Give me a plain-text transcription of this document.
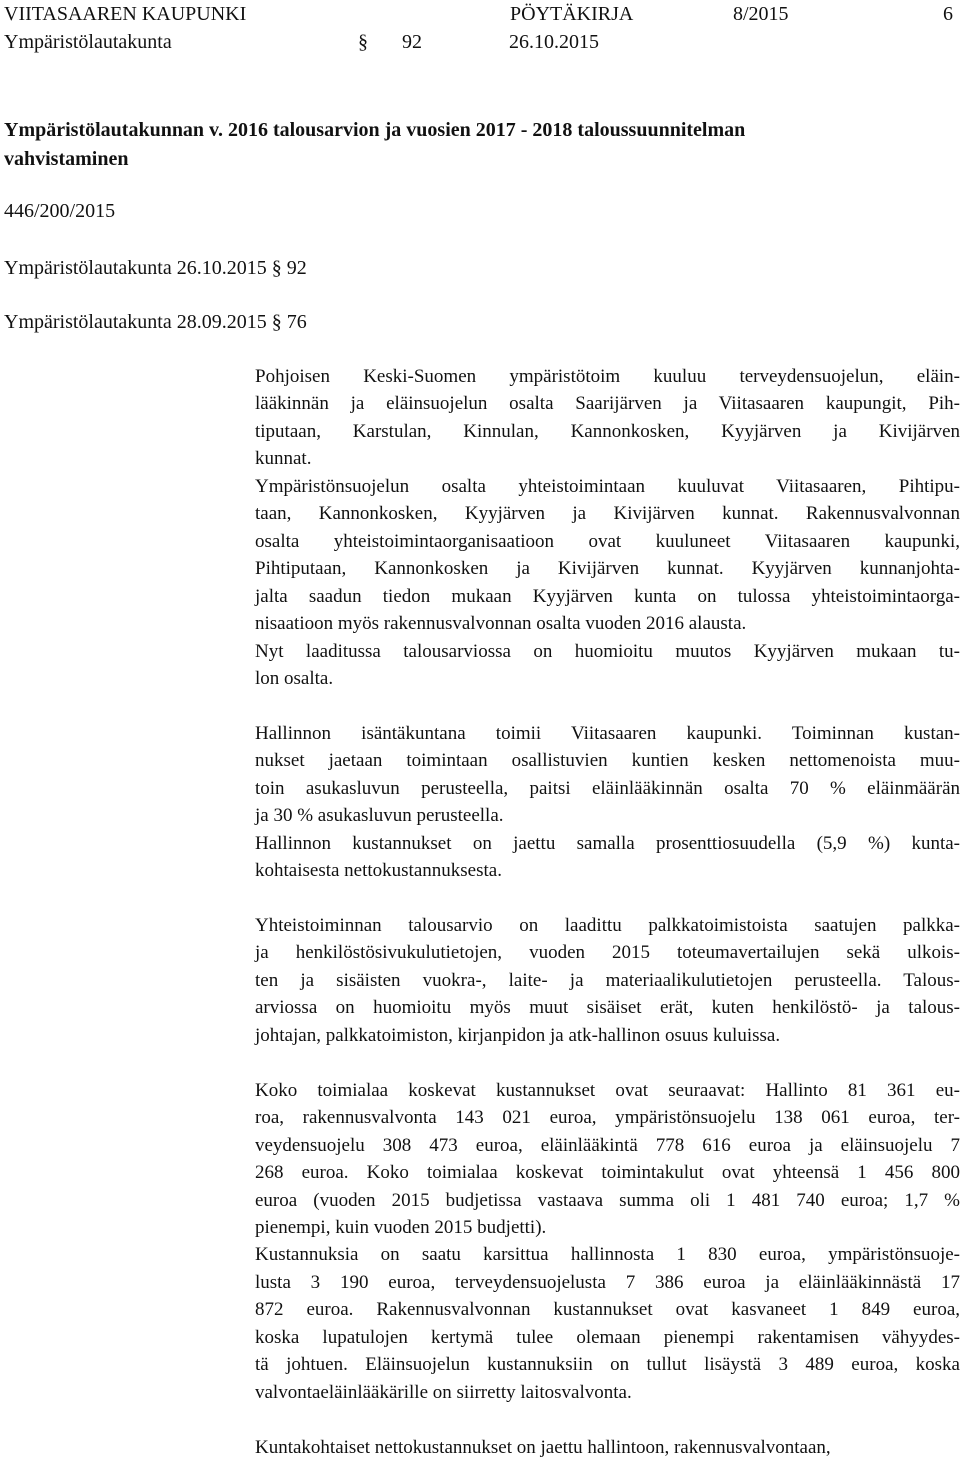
VIITASAAREN KAUPUNKI	PÖYTÄKIRJA	8/2015	6
Ympäristölautakunta	§ 92	26.10.2015
Ympäristölautakunnan v. 2016 talousarvion ja vuosien 2017 - 2018 taloussuunnitelman
vahvistaminen
446/200/2015
Ympäristölautakunta 26.10.2015 § 92
Ympäristölautakunta 28.09.2015 § 76

Pohjoisen Keski-Suomen ympäristötoim kuuluu terveydensuojelun, eläin-
lääkinnän ja eläinsuojelun osalta Saarijärven ja Viitasaaren kaupungit, Pih-
tiputaan, Karstulan, Kinnulan, Kannonkosken, Kyyjärven ja Kivijärven
kunnat.
Ympäristönsuojelun osalta yhteistoimintaan kuuluvat Viitasaaren, Pihtipu-
taan, Kannonkosken, Kyyjärven ja Kivijärven kunnat. Rakennusvalvonnan
osalta yhteistoimintaorganisaatioon ovat kuuluneet Viitasaaren kaupunki,
Pihtiputaan, Kannonkosken ja Kivijärven kunnat. Kyyjärven kunnanjohta-
jalta saadun tiedon mukaan Kyyjärven kunta on tulossa yhteistoimintaorga-
nisaatioon myös rakennusvalvonnan osalta vuoden 2016 alausta.
Nyt laaditussa talousarviossa on huomioitu muutos Kyyjärven mukaan tu-
lon osalta.

Hallinnon isäntäkuntana toimii Viitasaaren kaupunki. Toiminnan kustan-
nukset jaetaan toimintaan osallistuvien kuntien kesken nettomenoista muu-
toin asukasluvun perusteella, paitsi eläinlääkinnän osalta 70 % eläinmäärän
ja 30 % asukasluvun perusteella.
Hallinnon kustannukset on jaettu samalla prosenttiosuudella (5,9 %) kunta-
kohtaisesta nettokustannuksesta.

Yhteistoiminnan talousarvio on laadittu palkkatoimistoista saatujen palkka-
ja henkilöstösivukulutietojen, vuoden 2015 toteumavertailujen sekä ulkois-
ten ja sisäisten vuokra-, laite- ja materiaalikulutietojen perusteella. Talous-
arviossa on huomioitu myös muut sisäiset erät, kuten henkilöstö- ja talous-
johtajan, palkkatoimiston, kirjanpidon ja atk-hallinon osuus kuluissa.

Koko toimialaa koskevat kustannukset ovat seuraavat: Hallinto 81 361 eu-
roa, rakennusvalvonta 143 021 euroa, ympäristönsuojelu 138 061 euroa, ter-
veydensuojelu 308 473 euroa, eläinlääkintä 778 616 euroa ja eläinsuojelu 7
268 euroa. Koko toimialaa koskevat toimintakulut ovat yhteensä 1 456 800
euroa (vuoden 2015 budjetissa vastaava summa oli 1 481 740 euroa; 1,7 %
pienempi, kuin vuoden 2015 budjetti).
Kustannuksia on saatu karsittua hallinnosta 1 830 euroa, ympäristönsuoje-
lusta 3 190 euroa, terveydensuojelusta 7 386 euroa ja eläinlääkinnästä 17
872 euroa. Rakennusvalvonnan kustannukset ovat kasvaneet 1 849 euroa,
koska lupatulojen kertymä tulee olemaan pienempi rakentamisen vähyydes-
tä johtuen. Eläinsuojelun kustannuksiin on tullut lisäystä 3 489 euroa, koska
valvontaeläinlääkärille on siirretty laitosvalvonta.

Kuntakohtaiset nettokustannukset on jaettu hallintoon, rakennusvalvontaan,
